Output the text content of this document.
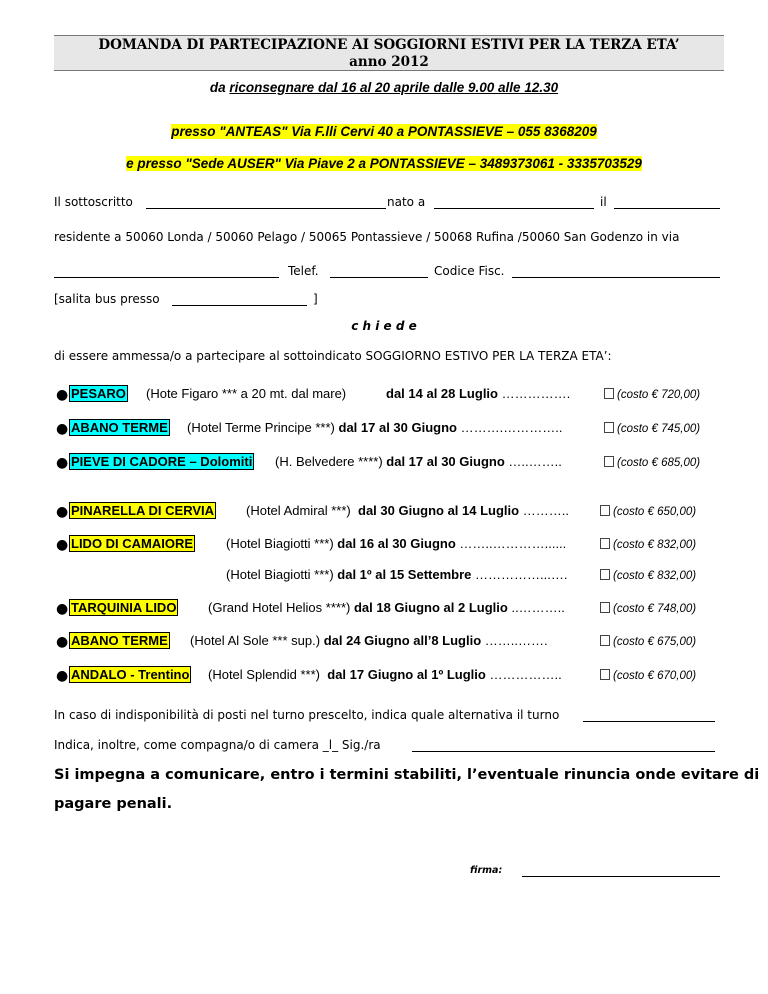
DOMANDA DI PARTECIPAZIONE AI SOGGIORNI ESTIVI PER LA TERZA ETA’
anno 2012
da riconsegnare dal 16 al 20 aprile dalle 9.00 alle 12.30
presso "ANTEAS" Via F.lli Cervi 40 a PONTASSIEVE – 055 8368209
e presso "Sede AUSER" Via Piave 2 a PONTASSIEVE – 3489373061 - 3335703529
Il sottoscritto	nato a	il
residente a 50060 Londa / 50060 Pelago / 50065 Pontassieve / 50068 Rufina /50060 San Godenzo in via
Telef.	Codice Fisc.
[salita bus presso	]
c h i e d e
di essere ammessa/o a partecipare al sottoindicato SOGGIORNO ESTIVO PER LA TERZA ETA’:
● PESARO (Hote Figaro *** a 20 mt. dal mare)	dal 14 al 28 Luglio …………….	(costo € 720,00)
● ABANO TERME (Hotel Terme Principe ***) dal 17 al 30 Giugno ……….…………..	(costo € 745,00)
● PIEVE DI CADORE – Dolomiti (H. Belvedere ****) dal 17 al 30 Giugno …..……..	(costo € 685,00)
● PINARELLA DI CERVIA (Hotel Admiral ***) dal 30 Giugno al 14 Luglio ………..	(costo € 650,00)
● LIDO DI CAMAIORE	(Hotel Biagiotti ***) dal 16 al 30 Giugno ……..…………......	(costo € 832,00)
(Hotel Biagiotti ***) dal 1º al 15 Settembre ……………...….	(costo € 832,00)
● TARQUINIA LIDO (Grand Hotel Helios ****) dal 18 Giugno al 2 Luglio ..………..	(costo € 748,00)
● ABANO TERME (Hotel Al Sole *** sup.) dal 24 Giugno all’8 Luglio ……..…….	(costo € 675,00)
● ANDALO - Trentino (Hotel Splendid ***) dal 17 Giugno al 1º Luglio ……………..	(costo € 670,00)
In caso di indisponibilità di posti nel turno prescelto, indica quale alternativa il turno
Indica, inoltre, come compagna/o di camera _l_ Sig./ra
Si impegna a comunicare, entro i termini stabiliti, l’eventuale rinuncia onde evitare di
pagare penali.
firma:
